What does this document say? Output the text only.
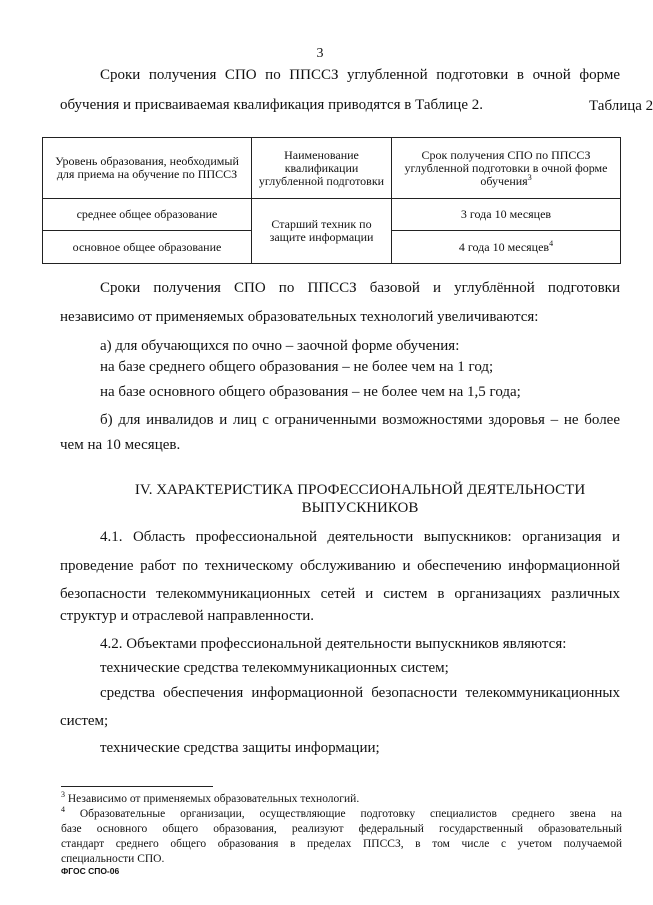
3
Сроки получения СПО по ППССЗ углубленной подготовки в очной форме
обучения и присваиваемая квалификация приводятся в Таблице 2.	Таблица 2
Уровень образования, необходимый для приема на обучение по ППССЗ	Наименование квалификации углубленной подготовки	Срок получения СПО по ППССЗ углубленной подготовки в очной форме обучения$^3$
среднее общее образование	Старший техник по защите информации	3 года 10 месяцев
основное общее образование		4 года 10 месяцев$^4$
Сроки получения СПО по ППССЗ базовой и углублённой подготовки
независимо от применяемых образовательных технологий увеличиваются:
а) для обучающихся по очно – заочной форме обучения:
на базе среднего общего образования – не более чем на 1 год;
на базе основного общего образования – не более чем на 1,5 года;
б) для инвалидов и лиц с ограниченными возможностями здоровья – не более
чем на 10 месяцев.
IV. ХАРАКТЕРИСТИКА ПРОФЕССИОНАЛЬНОЙ ДЕЯТЕЛЬНОСТИ
ВЫПУСКНИКОВ
4.1. Область профессиональной деятельности выпускников: организация и
проведение работ по техническому обслуживанию и обеспечению информационной
безопасности телекоммуникационных сетей и систем в организациях различных
структур и отраслевой направленности.
4.2. Объектами профессиональной деятельности выпускников являются:
технические средства телекоммуникационных систем;
средства обеспечения информационной безопасности телекоммуникационных
систем;
технические средства защиты информации;
$^3$ Независимо от применяемых образовательных технологий.
$^4$ Образовательные организации, осуществляющие подготовку специалистов среднего звена на
базе основного общего образования, реализуют федеральный государственный образовательный
стандарт среднего общего образования в пределах ППССЗ, в том числе с учетом получаемой
специальности СПО.
ФГОС СПО-06
